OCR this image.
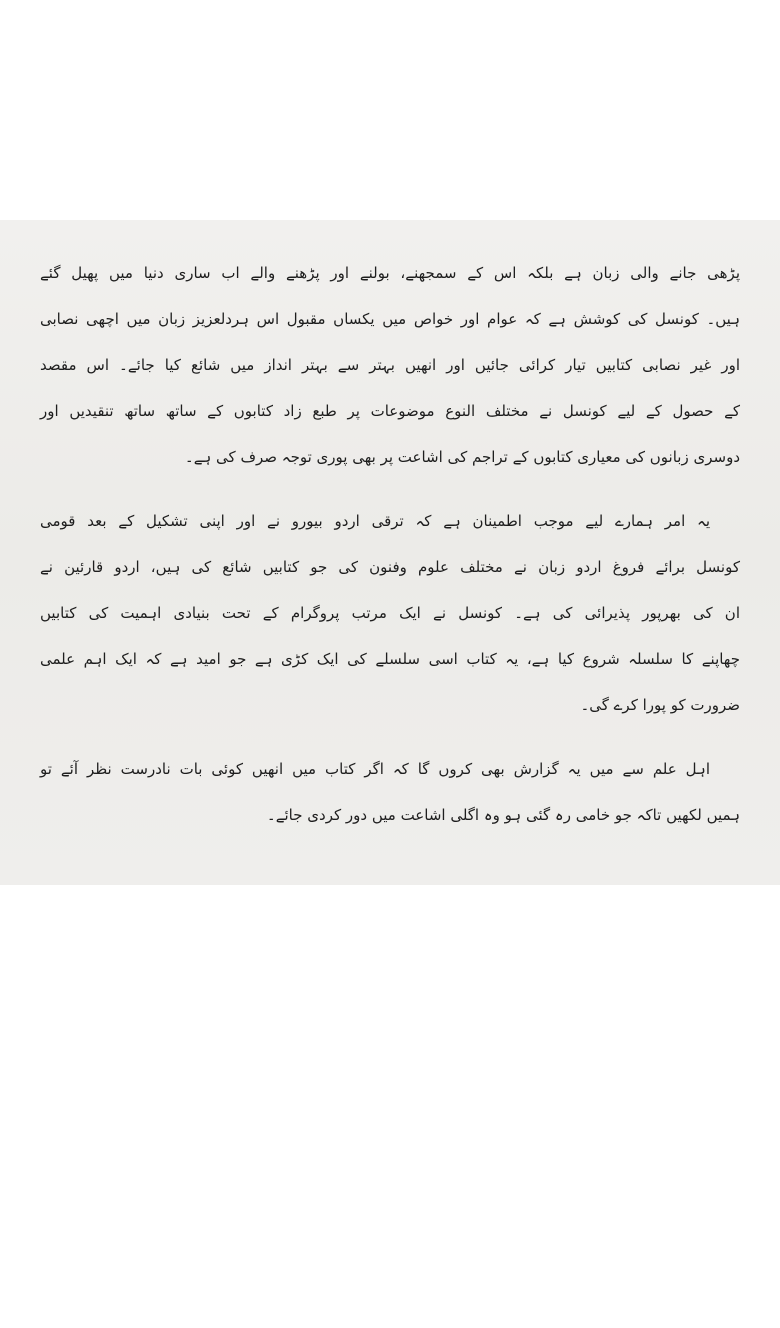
پڑھی جانے والی زبان ہے بلکہ اس کے سمجھنے، بولنے اور پڑھنے والے اب ساری دنیا میں پھیل گئے
ہیں۔ کونسل کی کوشش ہے کہ عوام اور خواص میں یکساں مقبول اس ہردلعزیز زبان میں اچھی نصابی
اور غیر نصابی کتابیں تیار کرائی جائیں اور انھیں بہتر سے بہتر انداز میں شائع کیا جائے۔ اس مقصد
کے حصول کے لیے کونسل نے مختلف النوع موضوعات پر طبع زاد کتابوں کے ساتھ ساتھ تنقیدیں اور
دوسری زبانوں کی معیاری کتابوں کے تراجم کی اشاعت پر بھی پوری توجہ صرف کی ہے۔
یہ امر ہمارے لیے موجب اطمینان ہے کہ ترقی اردو بیورو نے اور اپنی تشکیل کے بعد قومی
کونسل برائے فروغ اردو زبان نے مختلف علوم وفنون کی جو کتابیں شائع کی ہیں، اردو قارئین نے
ان کی بھرپور پذیرائی کی ہے۔ کونسل نے ایک مرتب پروگرام کے تحت بنیادی اہمیت کی کتابیں
چھاپنے کا سلسلہ شروع کیا ہے، یہ کتاب اسی سلسلے کی ایک کڑی ہے جو امید ہے کہ ایک اہم علمی
ضرورت کو پورا کرے گی۔
اہل علم سے میں یہ گزارش بھی کروں گا کہ اگر کتاب میں انھیں کوئی بات نادرست نظر آئے تو
ہمیں لکھیں تاکہ جو خامی رہ گئی ہو وہ اگلی اشاعت میں دور کردی جائے۔
